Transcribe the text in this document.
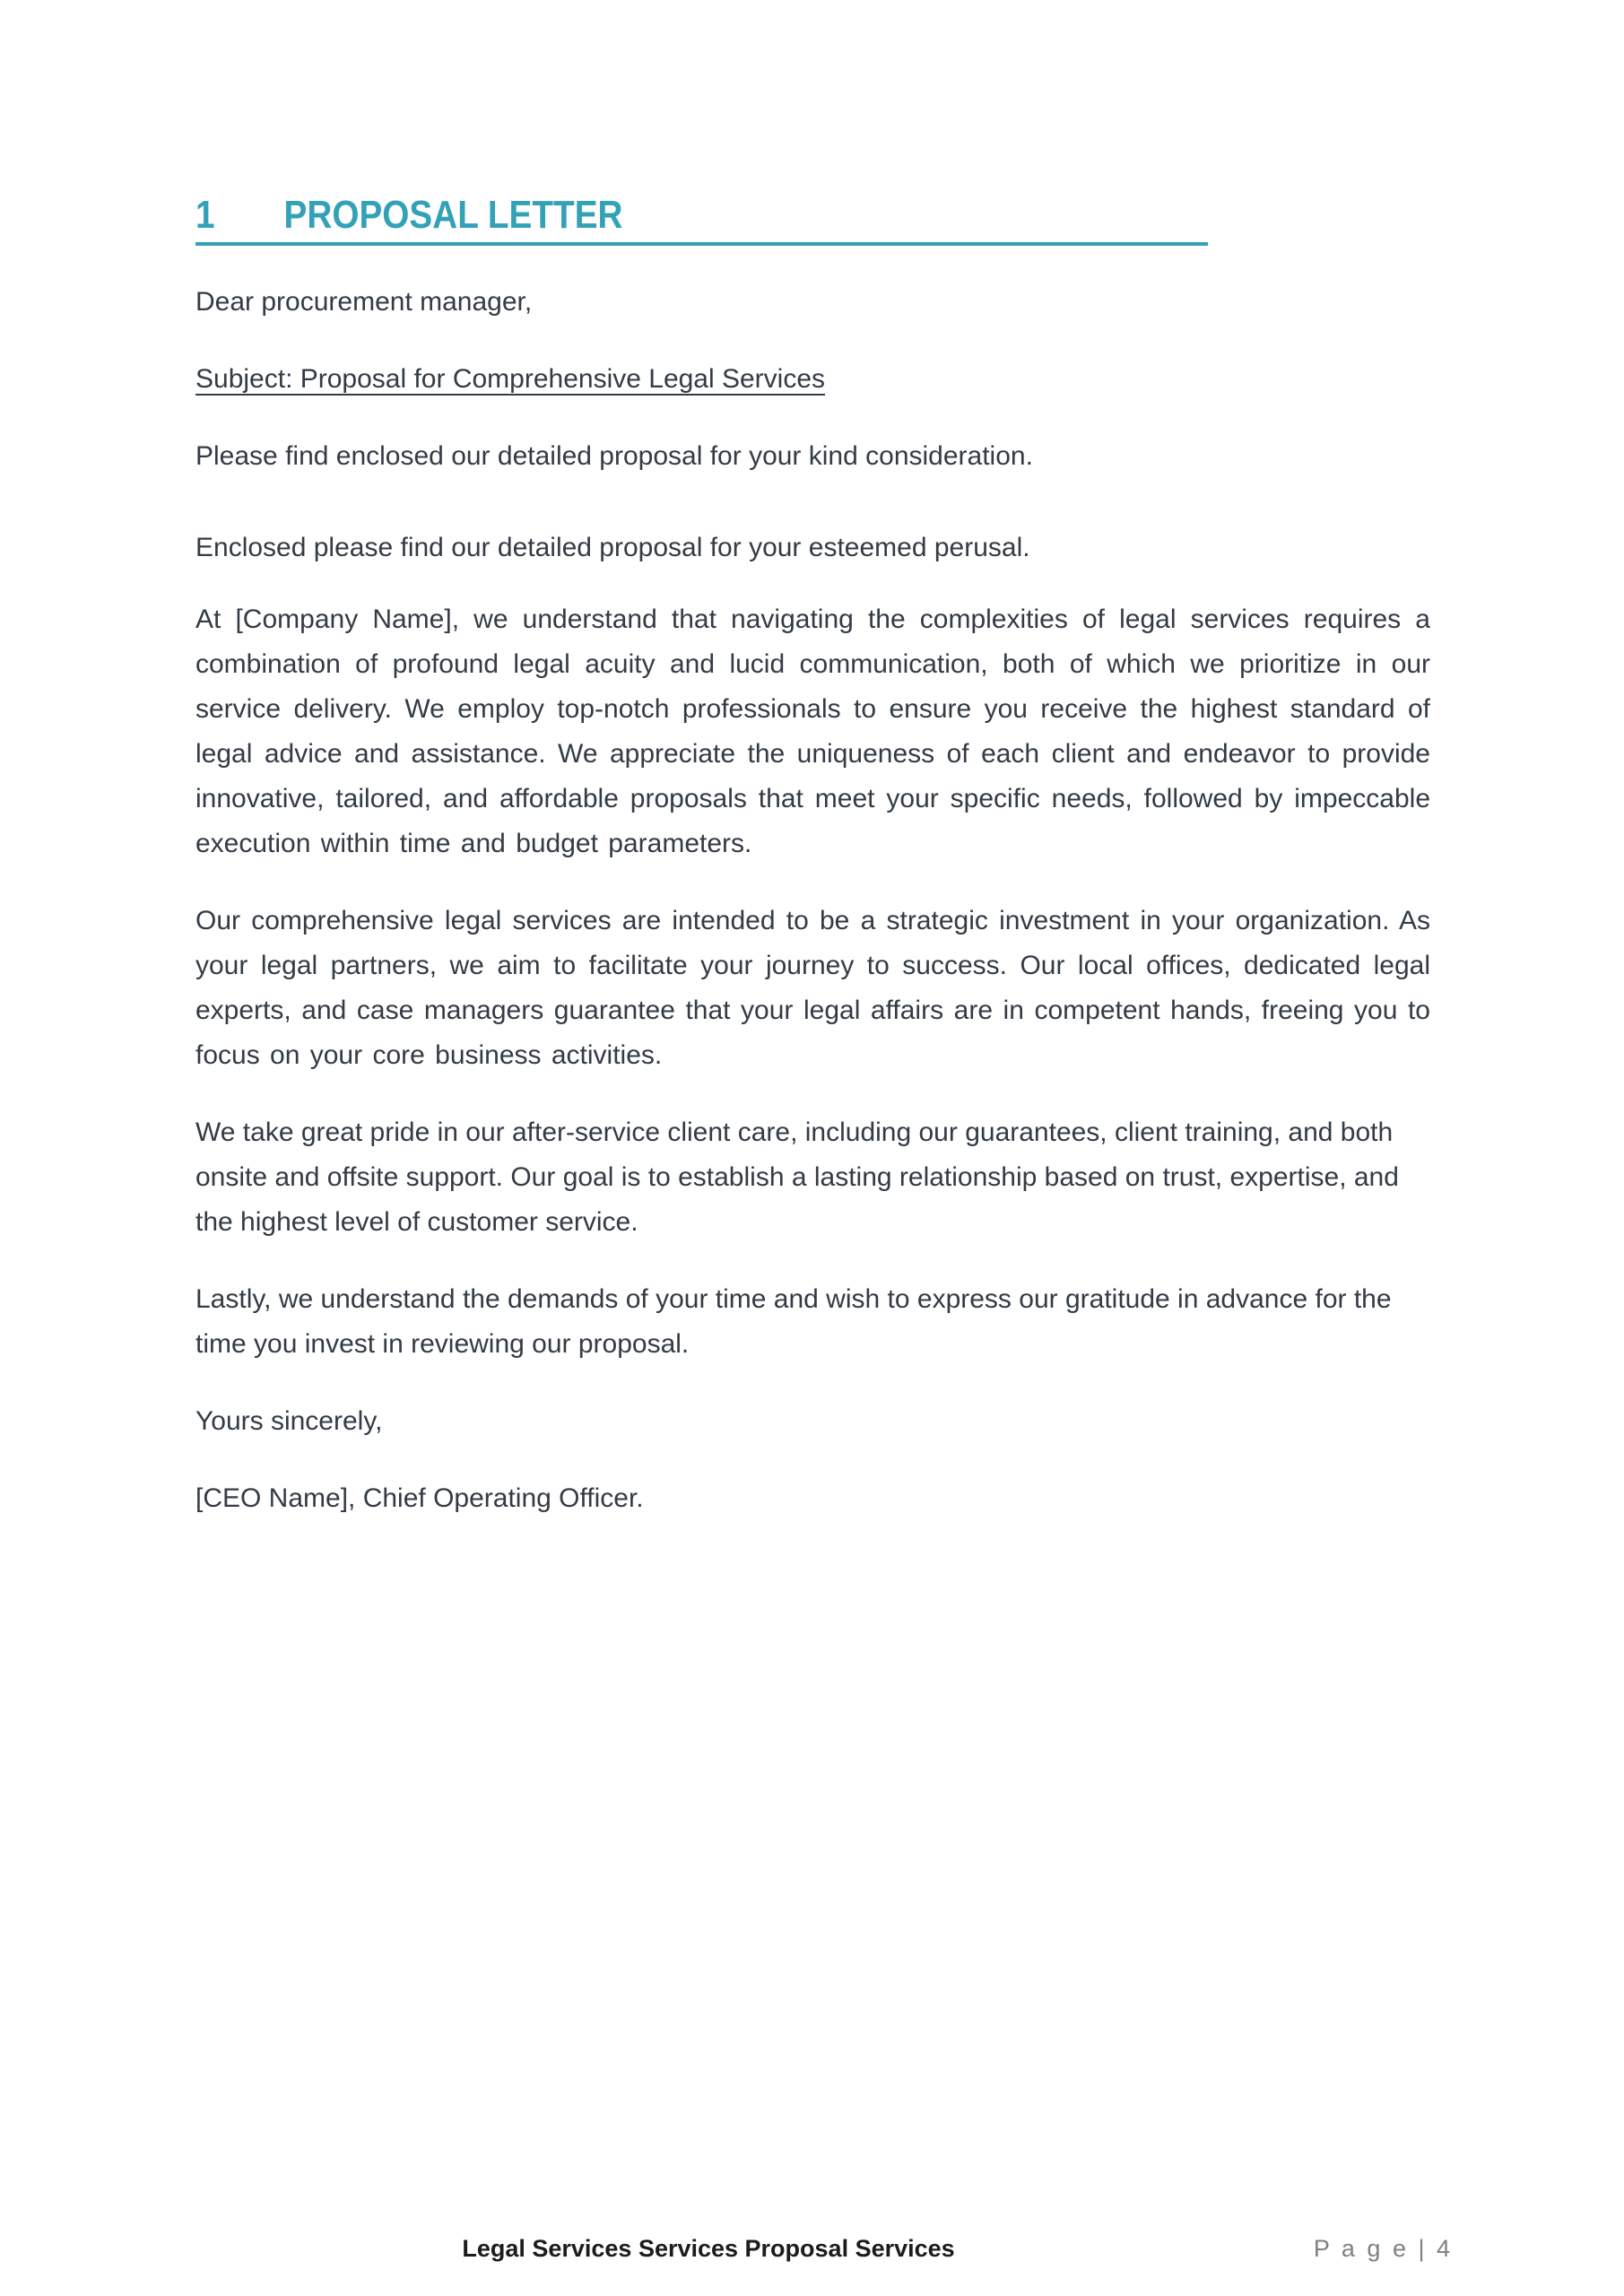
1 PROPOSAL LETTER

Dear procurement manager,

Subject: Proposal for Comprehensive Legal Services

Please find enclosed our detailed proposal for your kind consideration.

Enclosed please find our detailed proposal for your esteemed perusal.

At [Company Name], we understand that navigating the complexities of legal services requires a combination of profound legal acuity and lucid communication, both of which we prioritize in our service delivery. We employ top-notch professionals to ensure you receive the highest standard of legal advice and assistance. We appreciate the uniqueness of each client and endeavor to provide innovative, tailored, and affordable proposals that meet your specific needs, followed by impeccable execution within time and budget parameters.

Our comprehensive legal services are intended to be a strategic investment in your organization. As your legal partners, we aim to facilitate your journey to success. Our local offices, dedicated legal experts, and case managers guarantee that your legal affairs are in competent hands, freeing you to focus on your core business activities.

We take great pride in our after-service client care, including our guarantees, client training, and both onsite and offsite support. Our goal is to establish a lasting relationship based on trust, expertise, and the highest level of customer service.

Lastly, we understand the demands of your time and wish to express our gratitude in advance for the time you invest in reviewing our proposal.

Yours sincerely,

[CEO Name], Chief Operating Officer.

Legal Services Services Proposal Services	P a g e | 4
